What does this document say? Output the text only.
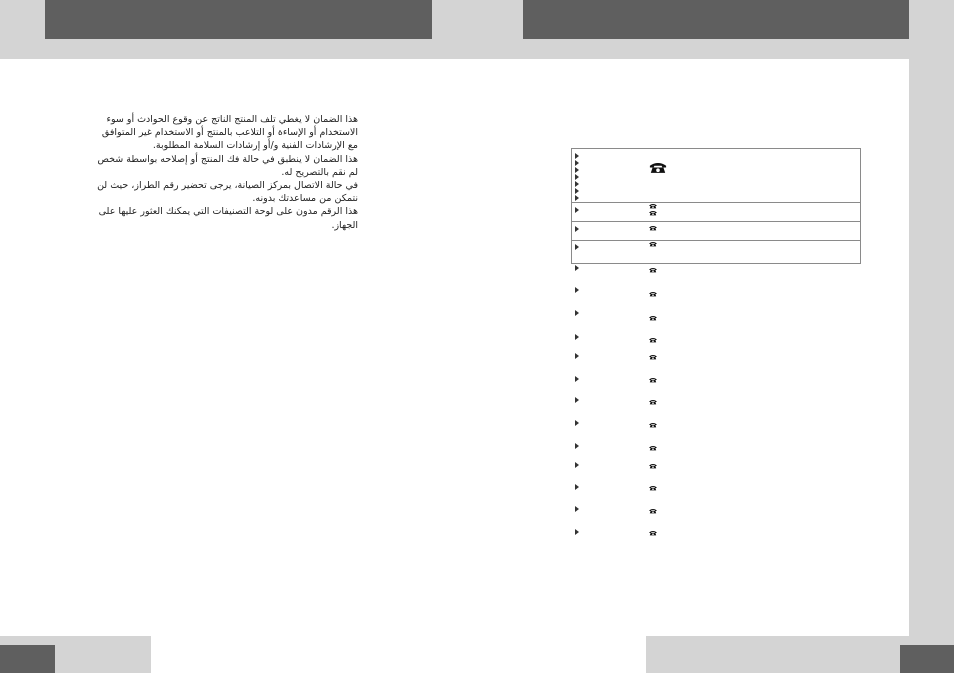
هذا الضمان لا يغطي تلف المنتج الناتج عن وقوع الحوادث أو سوء الاستخدام أو الإساءة أو التلاعب بالمنتج أو الاستخدام غير المتوافق مع الإرشادات الفنية و/أو إرشادات السلامة المطلوبة.

هذا الضمان لا ينطبق في حالة فك المنتج أو إصلاحه بواسطة شخص لم نقم بالتصريح له.

في حالة الاتصال بمركز الصيانة، يرجى تحضير رقم الطراز، حيث لن نتمكن من مساعدتك بدونه.

هذا الرقم مدون على لوحة التصنيفات التي يمكنك العثور عليها على الجهاز.
